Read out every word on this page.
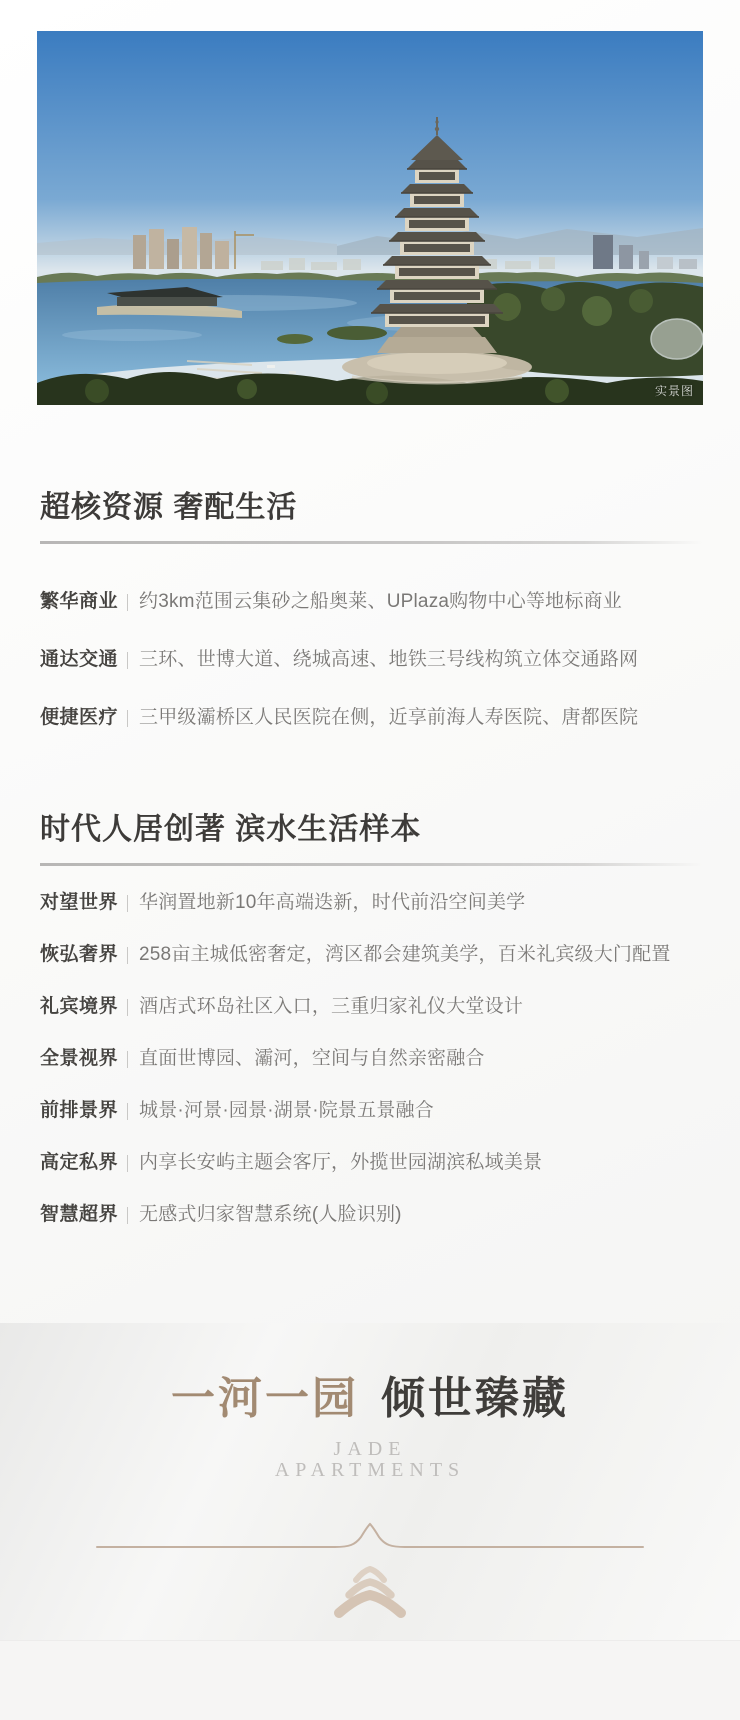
实景图
超核资源 奢配生活
繁华商业 约3km范围云集砂之船奥莱、UPlaza购物中心等地标商业
通达交通 三环、世博大道、绕城高速、地铁三号线构筑立体交通路网
便捷医疗 三甲级灞桥区人民医院在侧，近享前海人寿医院、唐都医院
时代人居创著 滨水生活样本
对望世界 华润置地新10年高端迭新，时代前沿空间美学
恢弘奢界 258亩主城低密奢定，湾区都会建筑美学，百米礼宾级大门配置
礼宾境界 酒店式环岛社区入口，三重归家礼仪大堂设计
全景视界 直面世博园、灞河，空间与自然亲密融合
前排景界 城景·河景·园景·湖景·院景五景融合
高定私界 内享长安屿主题会客厅，外揽世园湖滨私域美景
智慧超界 无感式归家智慧系统(人脸识别)
一河一园 倾世臻藏
JADE
APARTMENTS
